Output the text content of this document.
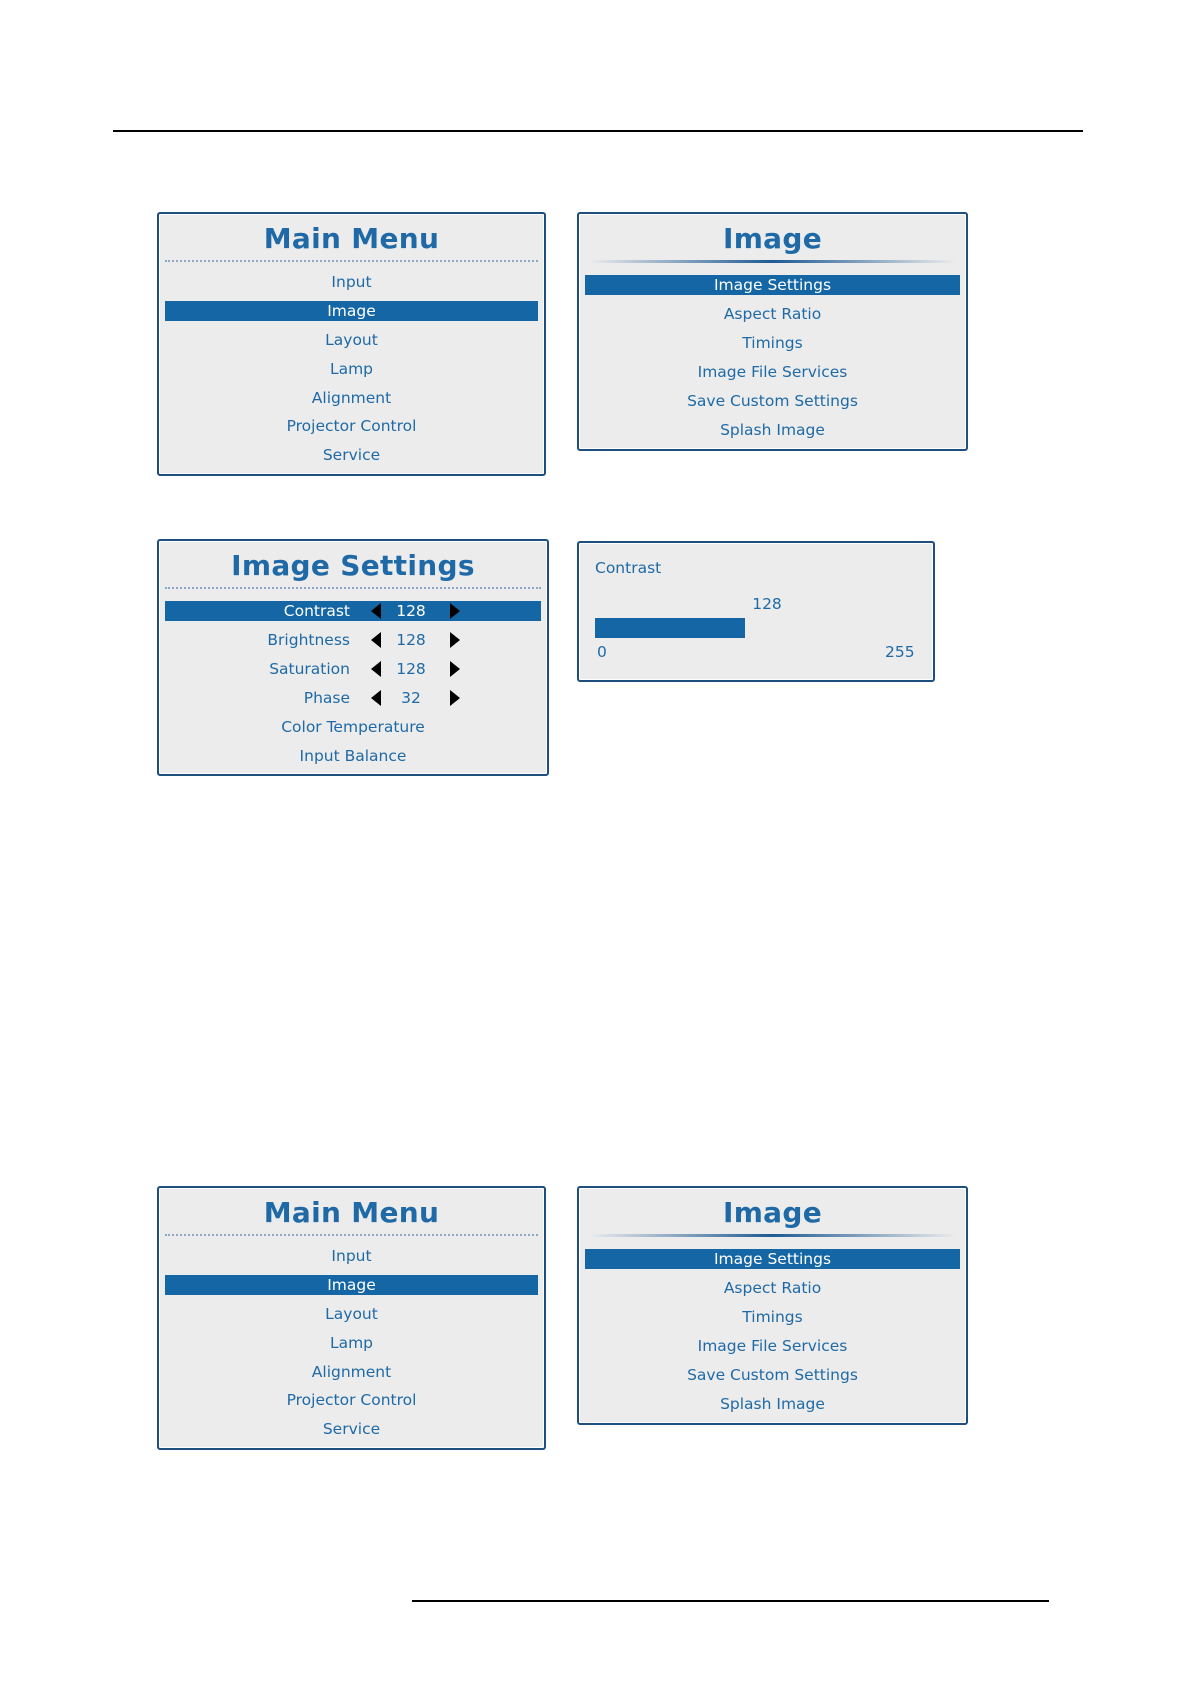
Main Menu
Input
Image
Layout
Lamp
Alignment
Projector Control
Service
Image
Image Settings
Aspect Ratio
Timings
Image File Services
Save Custom Settings
Splash Image
Image Settings
Contrast	128
Brightness	128
Saturation	128
Phase	32
Color Temperature
Input Balance
Contrast
128
0	255
Main Menu
Input
Image
Layout
Lamp
Alignment
Projector Control
Service
Image
Image Settings
Aspect Ratio
Timings
Image File Services
Save Custom Settings
Splash Image
